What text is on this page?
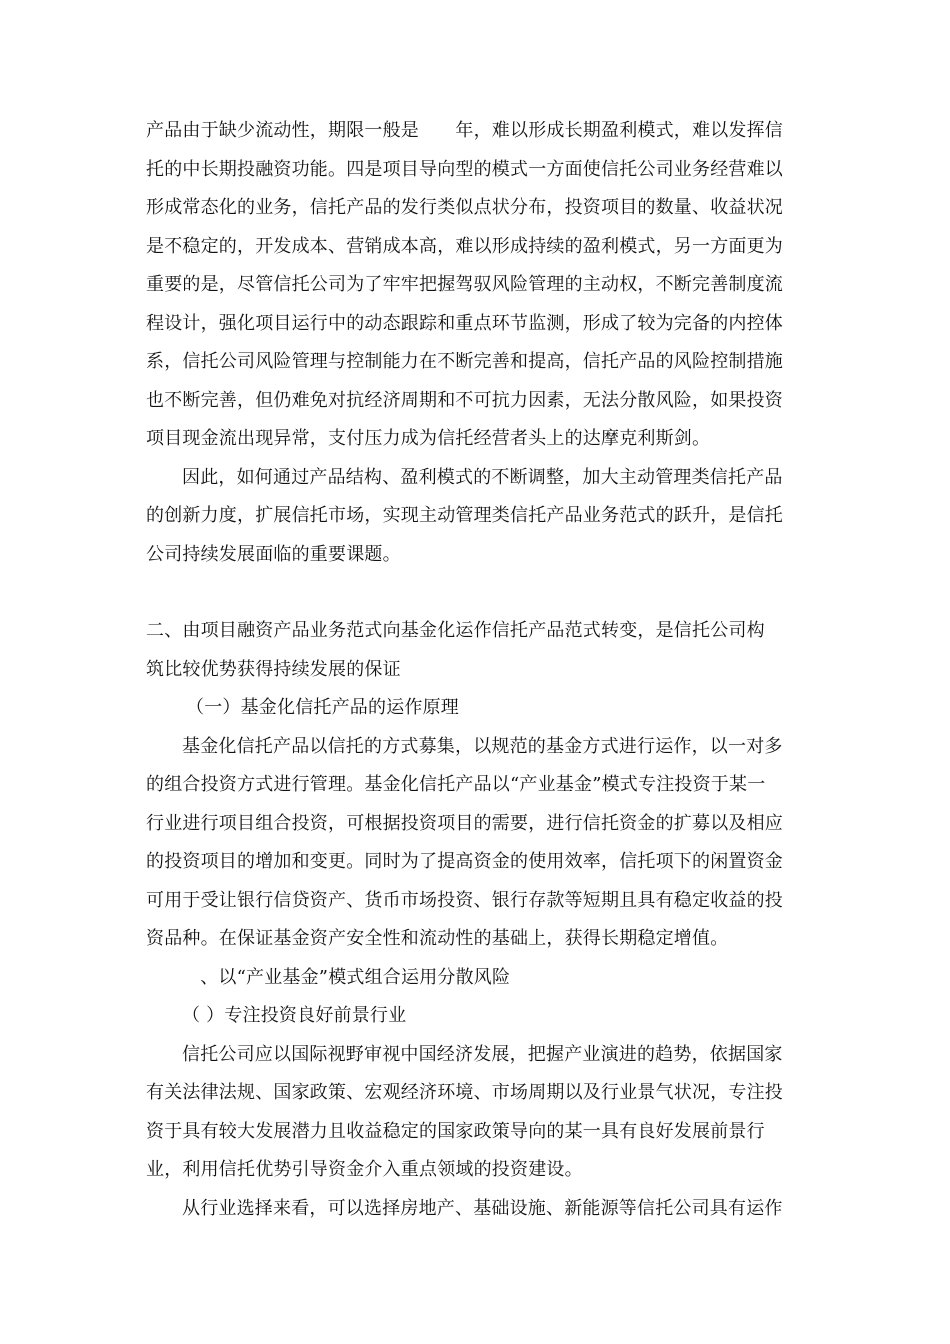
产品由于缺少流动性，期限一般是　　年，难以形成长期盈利模式，难以发挥信
托的中长期投融资功能。四是项目导向型的模式一方面使信托公司业务经营难以
形成常态化的业务，信托产品的发行类似点状分布，投资项目的数量、收益状况
是不稳定的，开发成本、营销成本高，难以形成持续的盈利模式，另一方面更为
重要的是，尽管信托公司为了牢牢把握驾驭风险管理的主动权，不断完善制度流
程设计，强化项目运行中的动态跟踪和重点环节监测，形成了较为完备的内控体
系，信托公司风险管理与控制能力在不断完善和提高，信托产品的风险控制措施
也不断完善，但仍难免对抗经济周期和不可抗力因素，无法分散风险，如果投资
项目现金流出现异常，支付压力成为信托经营者头上的达摩克利斯剑。
因此，如何通过产品结构、盈利模式的不断调整，加大主动管理类信托产品
的创新力度，扩展信托市场，实现主动管理类信托产品业务范式的跃升，是信托
公司持续发展面临的重要课题。
二、由项目融资产品业务范式向基金化运作信托产品范式转变，是信托公司构
筑比较优势获得持续发展的保证
（一）基金化信托产品的运作原理
基金化信托产品以信托的方式募集，以规范的基金方式进行运作，以一对多
的组合投资方式进行管理。基金化信托产品以“产业基金”模式专注投资于某一
行业进行项目组合投资，可根据投资项目的需要，进行信托资金的扩募以及相应
的投资项目的增加和变更。同时为了提高资金的使用效率，信托项下的闲置资金
可用于受让银行信贷资产、货币市场投资、银行存款等短期且具有稳定收益的投
资品种。在保证基金资产安全性和流动性的基础上，获得长期稳定增值。
　、以“产业基金”模式组合运用分散风险
（ ）专注投资良好前景行业
信托公司应以国际视野审视中国经济发展，把握产业演进的趋势，依据国家
有关法律法规、国家政策、宏观经济环境、市场周期以及行业景气状况，专注投
资于具有较大发展潜力且收益稳定的国家政策导向的某一具有良好发展前景行
业，利用信托优势引导资金介入重点领域的投资建设。
从行业选择来看，可以选择房地产、基础设施、新能源等信托公司具有运作
